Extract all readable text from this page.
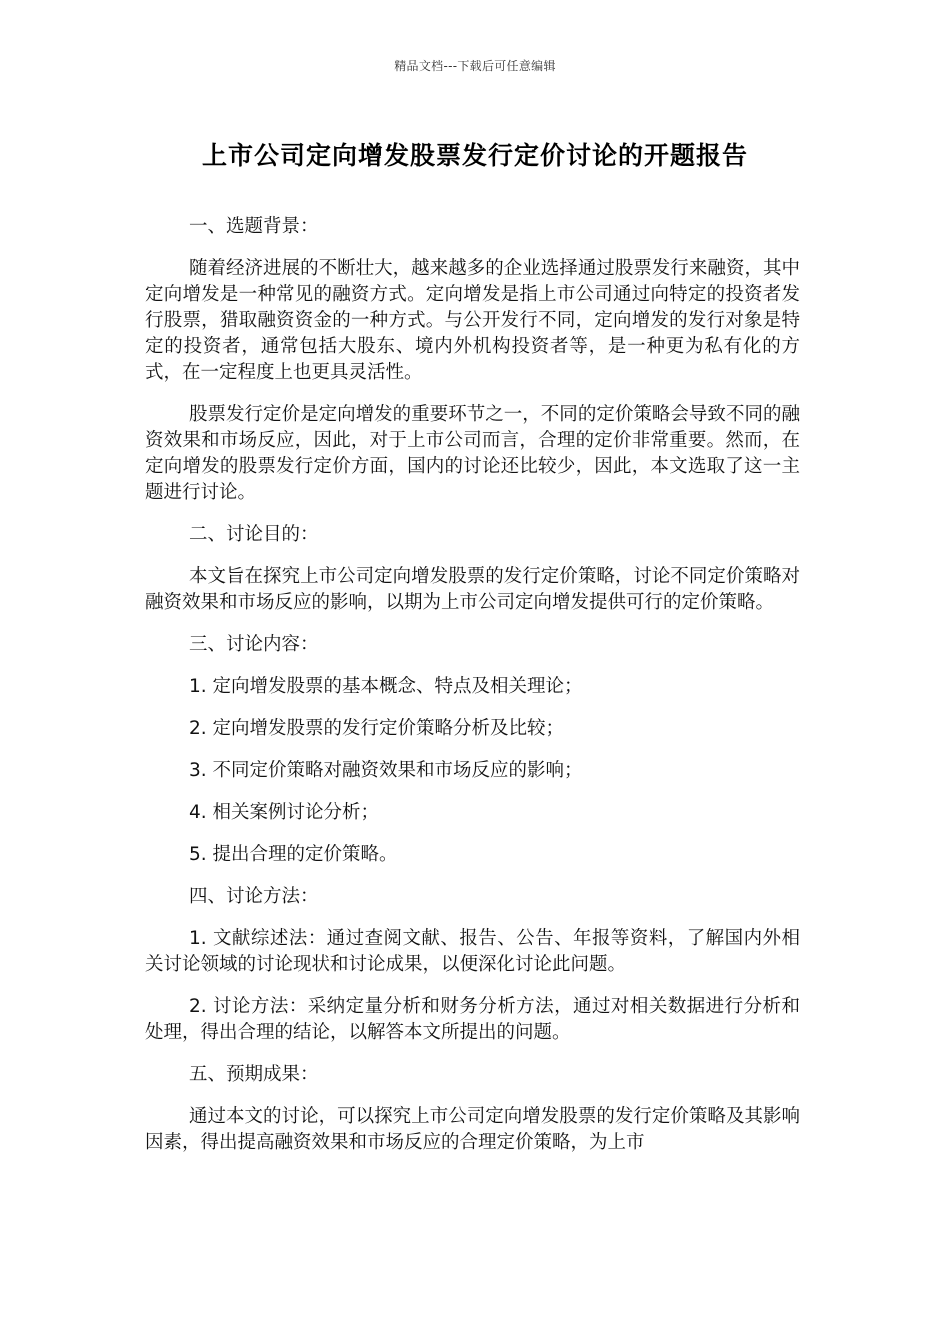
精品文档---下载后可任意编辑
上市公司定向增发股票发行定价讨论的开题报告

一、选题背景：

随着经济进展的不断壮大，越来越多的企业选择通过股票发行来融资，其中定向增发是一种常见的融资方式。定向增发是指上市公司通过向特定的投资者发行股票，猎取融资资金的一种方式。与公开发行不同，定向增发的发行对象是特定的投资者，通常包括大股东、境内外机构投资者等，是一种更为私有化的方式，在一定程度上也更具灵活性。

股票发行定价是定向增发的重要环节之一，不同的定价策略会导致不同的融资效果和市场反应，因此，对于上市公司而言，合理的定价非常重要。然而，在定向增发的股票发行定价方面，国内的讨论还比较少，因此，本文选取了这一主题进行讨论。

二、讨论目的：

本文旨在探究上市公司定向增发股票的发行定价策略，讨论不同定价策略对融资效果和市场反应的影响，以期为上市公司定向增发提供可行的定价策略。

三、讨论内容：

1. 定向增发股票的基本概念、特点及相关理论；

2. 定向增发股票的发行定价策略分析及比较；

3. 不同定价策略对融资效果和市场反应的影响；

4. 相关案例讨论分析；

5. 提出合理的定价策略。

四、讨论方法：

1. 文献综述法：通过查阅文献、报告、公告、年报等资料，了解国内外相关讨论领域的讨论现状和讨论成果，以便深化讨论此问题。

2. 讨论方法：采纳定量分析和财务分析方法，通过对相关数据进行分析和处理，得出合理的结论，以解答本文所提出的问题。

五、预期成果：

通过本文的讨论，可以探究上市公司定向增发股票的发行定价策略及其影响因素，得出提高融资效果和市场反应的合理定价策略，为上市
